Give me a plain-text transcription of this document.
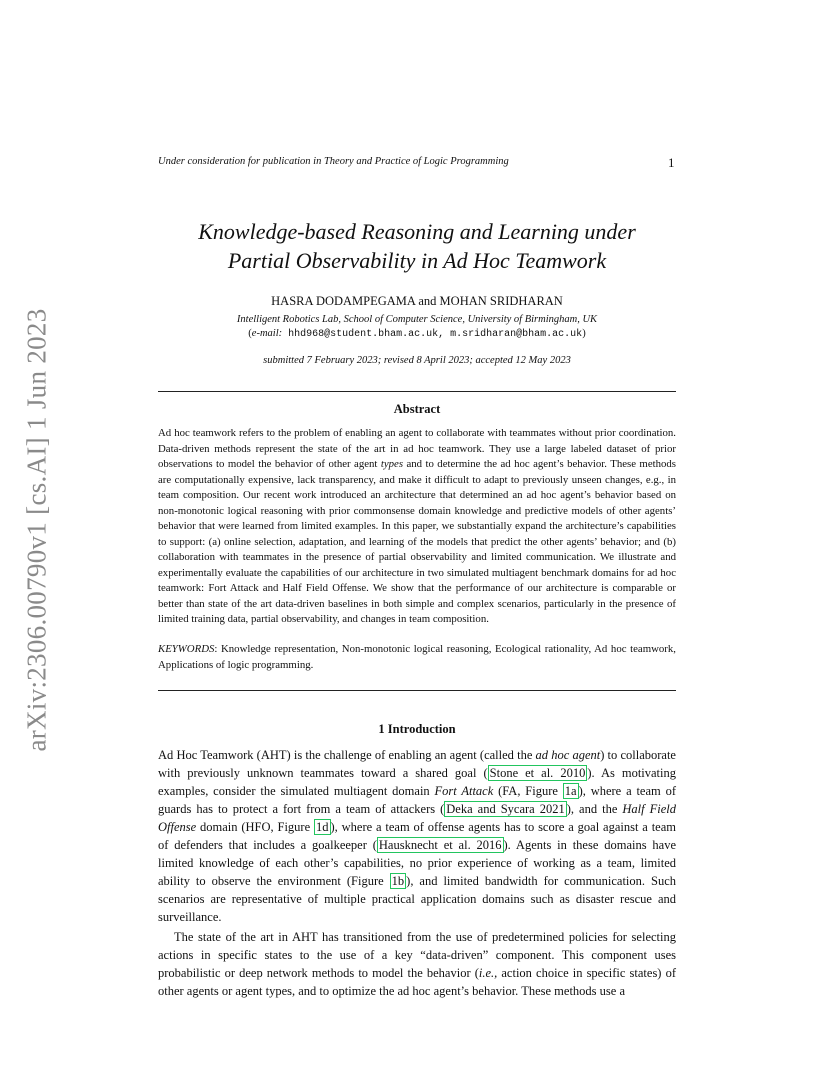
arXiv:2306.00790v1 [cs.AI] 1 Jun 2023
Under consideration for publication in Theory and Practice of Logic Programming	1
Knowledge-based Reasoning and Learning under
Partial Observability in Ad Hoc Teamwork
HASRA DODAMPEGAMA and MOHAN SRIDHARAN
Intelligent Robotics Lab, School of Computer Science, University of Birmingham, UK
(e-mail: hhd968@student.bham.ac.uk, m.sridharan@bham.ac.uk)
submitted 7 February 2023; revised 8 April 2023; accepted 12 May 2023
Abstract

Ad hoc teamwork refers to the problem of enabling an agent to collaborate with teammates without prior coordination. Data-driven methods represent the state of the art in ad hoc teamwork. They use a large labeled dataset of prior observations to model the behavior of other agent types and to determine the ad hoc agent’s behavior. These methods are computationally expensive, lack transparency, and make it difficult to adapt to previously unseen changes, e.g., in team composition. Our recent work introduced an architecture that determined an ad hoc agent’s behavior based on non-monotonic logical reasoning with prior commonsense domain knowledge and predictive models of other agents’ behavior that were learned from limited examples. In this paper, we substantially expand the architecture’s capabilities to support: (a) online selection, adaptation, and learning of the models that predict the other agents’ behavior; and (b) collaboration with teammates in the presence of partial observability and limited communication. We illustrate and experimentally evaluate the capabilities of our architecture in two simulated multiagent benchmark domains for ad hoc teamwork: Fort Attack and Half Field Offense. We show that the performance of our architecture is comparable or better than state of the art data-driven baselines in both simple and complex scenarios, particularly in the presence of limited training data, partial observability, and changes in team composition.

KEYWORDS: Knowledge representation, Non-monotonic logical reasoning, Ecological rationality, Ad hoc teamwork, Applications of logic programming.

1 Introduction

Ad Hoc Teamwork (AHT) is the challenge of enabling an agent (called the ad hoc agent) to collaborate with previously unknown teammates toward a shared goal ( Stone et al. 2010 ). As motivating examples, consider the simulated multiagent domain Fort Attack (FA, Figure 1a ), where a team of guards has to protect a fort from a team of attackers ( Deka and Sycara 2021 ), and the Half Field Offense domain (HFO, Figure 1d ), where a team of offense agents has to score a goal against a team of defenders that includes a goalkeeper ( Hausknecht et al. 2016 ). Agents in these domains have limited knowledge of each other’s capabilities, no prior experience of working as a team, limited ability to observe the environment (Figure 1b ), and limited bandwidth for communication. Such scenarios are representative of multiple practical application domains such as disaster rescue and surveillance.

The state of the art in AHT has transitioned from the use of predetermined policies for selecting actions in specific states to the use of a key “data-driven” component. This component uses probabilistic or deep network methods to model the behavior (i.e., action choice in specific states) of other agents or agent types, and to optimize the ad hoc agent’s behavior. These methods use a
